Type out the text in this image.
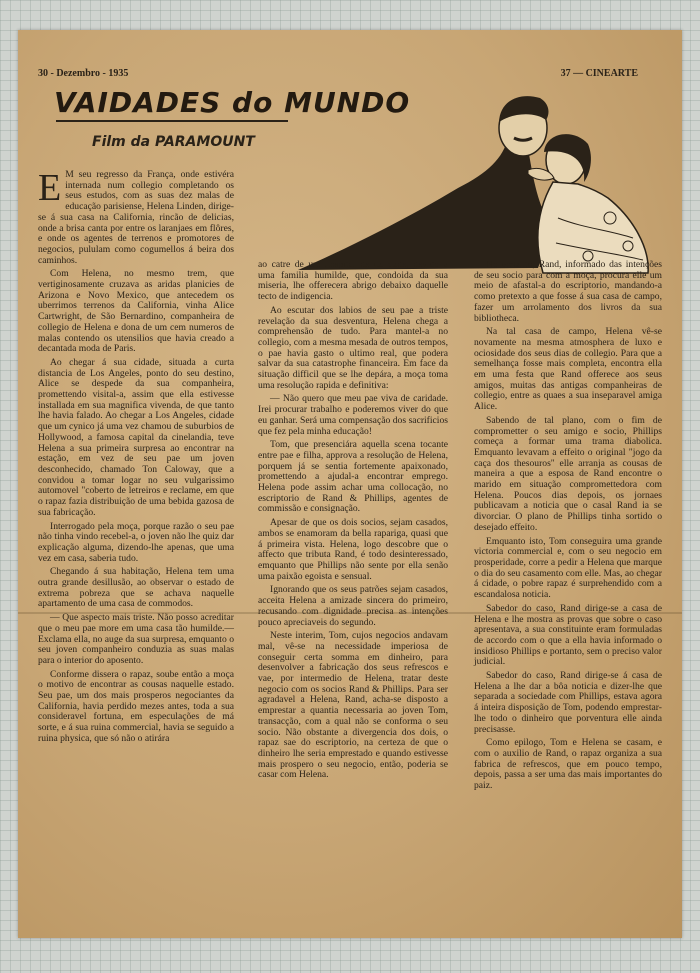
30 - Dezembro - 1935	37 — CINEARTE
VAIDADES do MUNDO
Film da PARAMOUNT

E M seu regresso da França, onde estivéra internada num collegio completando os seus estudos, com as suas dez malas de educação parisiense, Helena Linden, dirige-se á sua casa na California, rincão de delicias, onde a brisa canta por entre os laranjaes em flôres, e onde os agentes de terrenos e promotores de negocios, pululam como cogumellos á beira dos caminhos.

Com Helena, no mesmo trem, que vertiginosamente cruzava as aridas planicies de Arizona e Novo Mexico, que antecedem os uberrimos terrenos da California, vinha Alice Cartwright, de São Bernardino, companheira de collegio de Helena e dona de um cem numeros de malas contendo os utensilios que havia creado a decantada moda de Paris.

Ao chegar á sua cidade, situada a curta distancia de Los Angeles, ponto do seu destino, Alice se despede da sua companheira, promettendo visital-a, assim que ella estivesse installada em sua magnifica vivenda, de que tanto lhe havia falado. Ao chegar a Los Angeles, cidade que um cynico já uma vez chamou de suburbios de Hollywood, a famosa capital da cinelandia, teve Helena a sua primeira surpresa ao encontrar na estação, em vez de seu pae um joven desconhecido, chamado Ton Caloway, que a convidou a tomar logar no seu vulgarissimo automovel "coberto de letreiros e reclame, em que o rapaz fazia distribuição de uma bebida gazosa de sua fabricação.

Interrogado pela moça, porque razão o seu pae não tinha vindo recebel-a, o joven não lhe quiz dar explicação alguma, dizendo-lhe apenas, que uma vez em casa, saberia tudo.

Chegando á sua habitação, Helena tem uma outra grande desillusão, ao observar o estado de extrema pobreza que se achava naquelle apartamento de uma casa de commodos.

— Que aspecto mais triste. Não posso acreditar que o meu pae more em uma casa tão humilde.— Exclama ella, no auge da sua surpresa, emquanto o seu joven companheiro conduzia as suas malas para o interior do aposento.

Conforme dissera o rapaz, soube então a moça o motivo de encontrar as cousas naquelle estado. Seu pae, um dos mais prosperos negociantes da California, havia perdido mezes antes, toda a sua consideravel fortuna, em especulações de má sorte, e á sua ruina commercial, havia se seguido a ruina physica, que só não o atirára

ao catre de um hospital de caridade, devido a uma familia humilde, que, condoida da sua miseria, lhe offerecera abrigo debaixo daquelle tecto de indigencia.

Ao escutar dos labios de seu pae a triste revelação da sua desventura, Helena chega a comprehensão de tudo. Para mantel-a no collegio, com a mesma mesada de outros tempos, o pae havia gasto o ultimo real, que podera salvar da sua catastrophe financeira. Em face da situação difficil que se lhe depára, a moça toma uma resolução rapida e definitiva:

— Não quero que meu pae viva de caridade. Irei procurar trabalho e poderemos viver do que eu ganhar. Será uma compensação dos sacrificios que fez pela minha educação!

Tom, que presenciára aquella scena tocante entre pae e filha, approva a resolução de Helena, porquem já se sentia fortemente apaixonado, promettendo a ajudal-a encontrar emprego. Helena pode assim achar uma collocação, no escriptorio de Rand & Phillips, agentes de commissão e consignação.

Apesar de que os dois socios, sejam casados, ambos se enamoram da bella rapariga, quasi que á primeira vista. Helena, logo descobre que o affecto que tributa Rand, é todo desinteressado, emquanto que Phillips não sente por ella senão uma paixão egoista e sensual.

Ignorando que os seus patrões sejam casados, acceita Helena a amizade sincera do primeiro, recusando com dignidade precisa as intenções pouco apreciaveis do segundo.

Neste interim, Tom, cujos negocios andavam mal, vê-se na necessidade imperiosa de conseguir certa somma em dinheiro, para desenvolver a fabricação dos seus refrescos e vae, por intermedio de Helena, tratar deste negocio com os socios Rand & Phillips. Para ser agradavel a Helena, Rand, acha-se disposto a emprestar a quantia necessaria ao joven Tom, transacção, com a qual não se conforma o seu socio. Não obstante a divergencia dos dois, o rapaz sae do escriptorio, na certeza de que o dinheiro lhe seria emprestado e quando estivesse mais prospero o seu negocio, então, poderia se casar com Helena.

No emtanto, Rand, informado das intenções de seu socio para com a moça, procura elle um meio de afastal-a do escriptorio, mandando-a como pretexto a que fosse á sua casa de campo, fazer um arrolamento dos livros da sua bibliotheca.

Na tal casa de campo, Helena vê-se novamente na mesma atmosphera de luxo e ociosidade dos seus dias de collegio. Para que a semelhança fosse mais completa, encontra ella em uma festa que Rand offerece aos seus amigos, muitas das antigas companheiras de collegio, entre as quaes a sua inseparavel amiga Alice.

Sabendo de tal plano, com o fim de comprometter o seu amigo e socio, Phillips começa a formar uma trama diabolica. Emquanto levavam a effeito o original "jogo da caça dos thesouros" elle arranja as cousas de maneira a que a esposa de Rand encontre o marido em situação compromettedora com Helena. Poucos dias depois, os jornaes publicavam a noticia que o casal Rand ia se divorciar. O plano de Phillips tinha sortido o desejado effeito.

Emquanto isto, Tom conseguira uma grande victoria commercial e, com o seu negocio em prosperidade, corre a pedir a Helena que marque o dia do seu casamento com elle. Mas, ao chegar á cidade, o pobre rapaz é surprehendido com a escandalosa noticia.

Sabedor do caso, Rand dirige-se a casa de Helena e lhe mostra as provas que sobre o caso apresentava, a sua constituinte eram formuladas de accordo com o que a ella havia informado o insidioso Phillips e portanto, sem o preciso valor judicial.

Sabedor do caso, Rand dirige-se á casa de Helena a lhe dar a bôa noticia e dizer-lhe que separada a sociedade com Phillips, estava agora á inteira disposição de Tom, podendo emprestar-lhe todo o dinheiro que porventura elle ainda precisasse.

Como epilogo, Tom e Helena se casam, e com o auxilio de Rand, o rapaz organiza a sua fabrica de refrescos, que em pouco tempo, depois, passa a ser uma das mais importantes do paiz.
